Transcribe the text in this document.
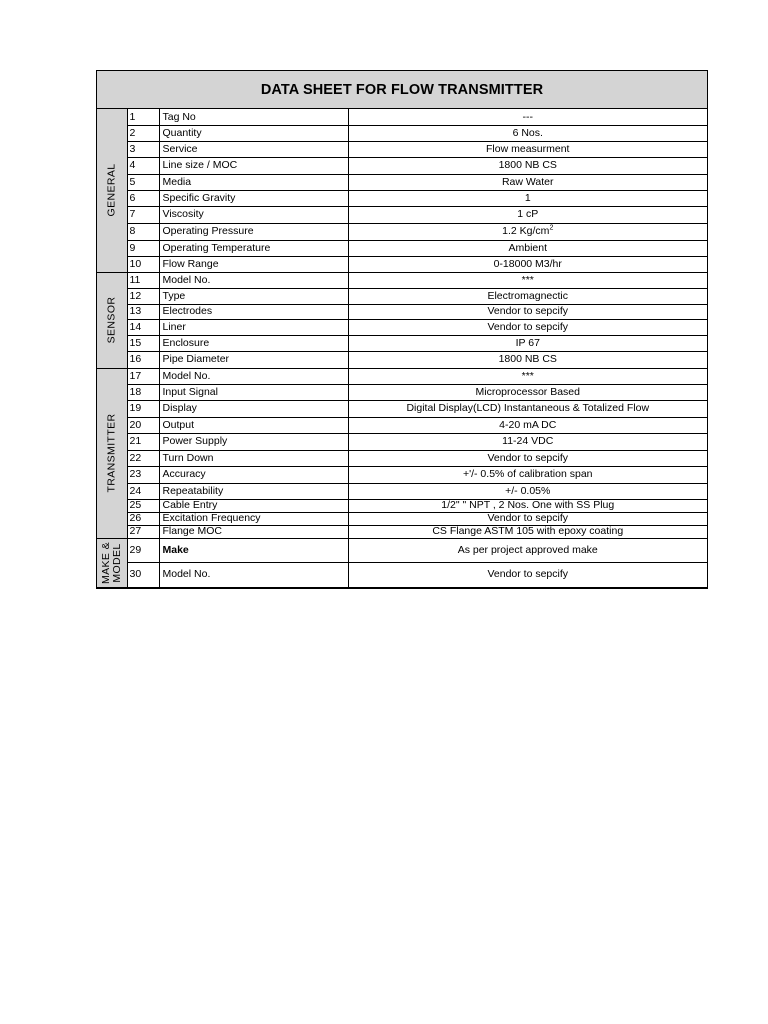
DATA SHEET FOR FLOW TRANSMITTER
GENERAL	1	Tag No	---
	2	Quantity	6 Nos.
	3	Service	Flow measurment
	4	Line size / MOC	1800 NB CS
	5	Media	Raw Water
	6	Specific Gravity	1
	7	Viscosity	1 cP
	8	Operating Pressure	1.2 $Kg/cm^2$
	9	Operating Temperature	Ambient
	10	Flow Range	0-18000 M3/hr

SENSOR	11	Model No.	***
	12	Type	Electromagnectic
	13	Electrodes	Vendor to sepcify
	14	Liner	Vendor to sepcify
	15	Enclosure	IP 67
	16	Pipe Diameter	1800 NB CS

TRANSMITTER	17	Model No.	***
	18	Input Signal	Microprocessor Based
	19	Display	Digital Display(LCD) Instantaneous & Totalized Flow
	20	Output	4-20 mA DC
	21	Power Supply	11-24 VDC
	22	Turn Down	Vendor to sepcify
	23	Accuracy	+'/- 0.5% of calibration span
	24	Repeatability	+/- 0.05%
	25	Cable Entry	1/2" " NPT , 2 Nos. One with SS Plug
	26	Excitation Frequency	Vendor to sepcify
	27	Flange MOC	CS Flange ASTM 105 with epoxy coating

MAKE & MODEL	29	Make	As per project approved make
	30	Model No.	Vendor to sepcify
